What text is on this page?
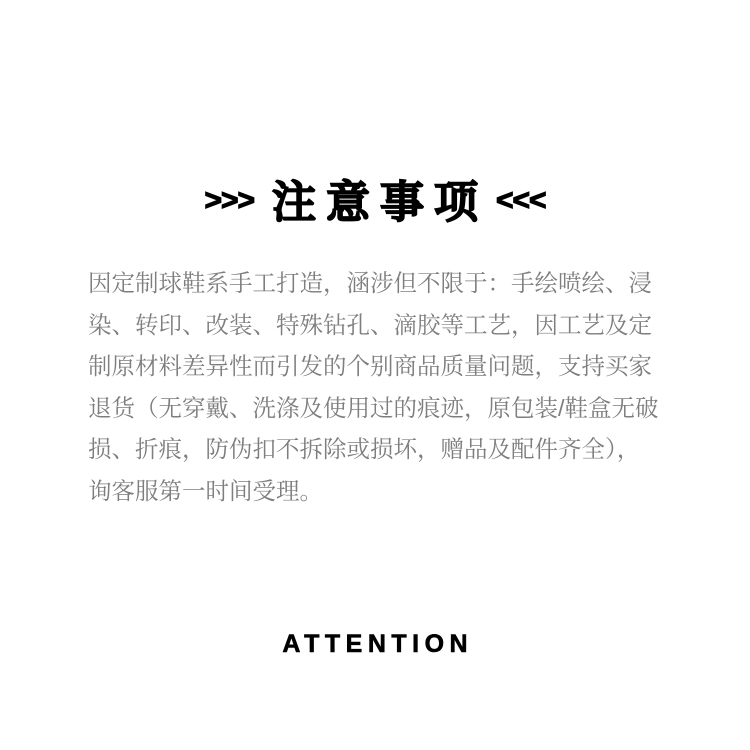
>>> 注意事项 <<<
因定制球鞋系手工打造，涵涉但不限于：手绘喷绘、浸
染、转印、改装、特殊钻孔、滴胶等工艺，因工艺及定
制原材料差异性而引发的个别商品质量问题，支持买家
退货（无穿戴、洗涤及使用过的痕迹，原包装/鞋盒无破
损、折痕，防伪扣不拆除或损坏，赠品及配件齐全），
询客服第一时间受理。
ATTENTION
